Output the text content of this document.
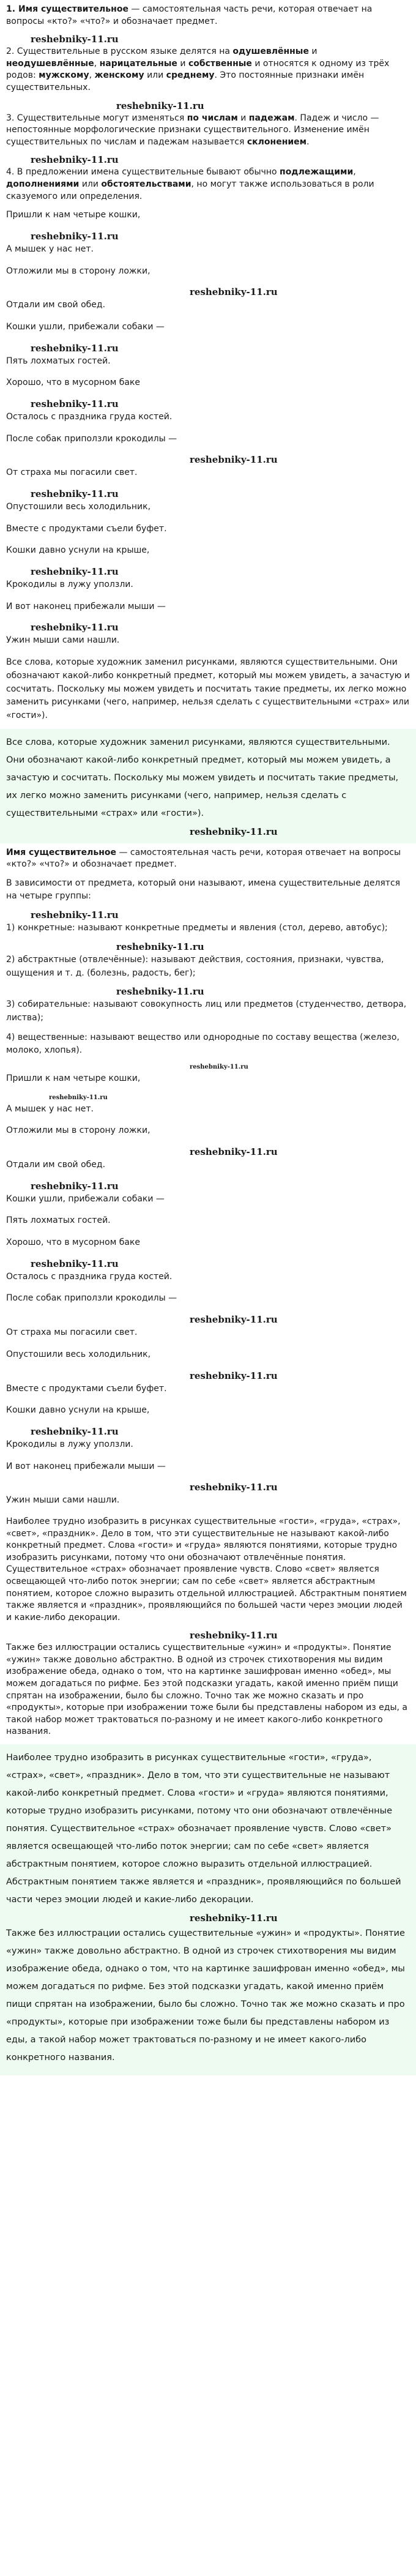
1. Имя существительное — самостоятельная часть речи, которая отвечает на вопросы «кто?» «что?» и обозначает предмет.

reshebniky-11.ru

2. Существительные в русском языке делятся на одушевлённые и неодушевлённые, нарицательные и собственные и относятся к одному из трёх родов: мужскому, женскому или среднему. Это постоянные признаки имён существительных.

reshebniky-11.ru

3. Существительные могут изменяться по числам и падежам. Падеж и число — непостоянные морфологические признаки существительного. Изменение имён существительных по числам и падежам называется склонением.

reshebniky-11.ru

4. В предложении имена существительные бывают обычно подлежащими, дополнениями или обстоятельствами, но могут также использоваться в роли сказуемого или определения.

Пришли к нам четыре кошки,

reshebniky-11.ru

А мышек у нас нет.

Отложили мы в сторону ложки,

reshebniky-11.ru

Отдали им свой обед.

Кошки ушли, прибежали собаки —

reshebniky-11.ru

Пять лохматых гостей.

Хорошо, что в мусорном баке

reshebniky-11.ru

Осталось с праздника груда костей.

После собак приползли крокодилы —

reshebniky-11.ru

От страха мы погасили свет.

reshebniky-11.ru

Опустошили весь холодильник,

Вместе с продуктами съели буфет.

Кошки давно уснули на крыше,

reshebniky-11.ru

Крокодилы в лужу уползли.

И вот наконец прибежали мыши —

reshebniky-11.ru

Ужин мыши сами нашли.

Все слова, которые художник заменил рисунками, являются существительными. Они обозначают какой-либо конкретный предмет, который мы можем увидеть, а зачастую и сосчитать. Поскольку мы можем увидеть и посчитать такие предметы, их легко можно заменить рисунками (чего, например, нельзя сделать с существительными «страх» или «гости»).

Все слова, которые художник заменил рисунками, являются существительными. Они обозначают какой-либо конкретный предмет, который мы можем увидеть, а зачастую и сосчитать. Поскольку мы можем увидеть и посчитать такие предметы, их легко можно заменить рисунками (чего, например, нельзя сделать с существительными «страх» или «гости»).

reshebniky-11.ru

Имя существительное — самостоятельная часть речи, которая отвечает на вопросы «кто?» «что?» и обозначает предмет.

В зависимости от предмета, который они называют, имена существительные делятся на четыре группы:

reshebniky-11.ru

1) конкретные: называют конкретные предметы и явления (стол, дерево, автобус);

reshebniky-11.ru

2) абстрактные (отвлечённые): называют действия, состояния, признаки, чувства, ощущения и т. д. (болезнь, радость, бег);

reshebniky-11.ru

3) собирательные: называют совокупность лиц или предметов (студенчество, детвора, листва);

4) вещественные: называют вещество или однородные по составу вещества (железо, молоко, хлопья).

reshebniky-11.ru

Пришли к нам четыре кошки,

reshebniky-11.ru

А мышек у нас нет.

Отложили мы в сторону ложки,

reshebniky-11.ru

Отдали им свой обед.

reshebniky-11.ru

Кошки ушли, прибежали собаки —

Пять лохматых гостей.

Хорошо, что в мусорном баке

reshebniky-11.ru

Осталось с праздника груда костей.

После собак приползли крокодилы —

reshebniky-11.ru

От страха мы погасили свет.

Опустошили весь холодильник,

reshebniky-11.ru

Вместе с продуктами съели буфет.

Кошки давно уснули на крыше,

reshebniky-11.ru

Крокодилы в лужу уползли.

И вот наконец прибежали мыши —

reshebniky-11.ru

Ужин мыши сами нашли.

Наиболее трудно изобразить в рисунках существительные «гости», «груда», «страх», «свет», «праздник». Дело в том, что эти существительные не называют какой-либо конкретный предмет. Слова «гости» и «груда» являются понятиями, которые трудно изобразить рисунками, потому что они обозначают отвлечённые понятия. Существительное «страх» обозначает проявление чувств. Слово «свет» является освещающей что-либо поток энергии; сам по себе «свет» является абстрактным понятием, которое сложно выразить отдельной иллюстрацией. Абстрактным понятием также является и «праздник», проявляющийся по большей части через эмоции людей и какие-либо декорации.

reshebniky-11.ru

Также без иллюстрации остались существительные «ужин» и «продукты». Понятие «ужин» также довольно абстрактно. В одной из строчек стихотворения мы видим изображение обеда, однако о том, что на картинке зашифрован именно «обед», мы можем догадаться по рифме. Без этой подсказки угадать, какой именно приём пищи спрятан на изображении, было бы сложно. Точно так же можно сказать и про «продукты», которые при изображении тоже были бы представлены набором из еды, а такой набор может трактоваться по-разному и не имеет какого-либо конкретного названия.

Наиболее трудно изобразить в рисунках существительные «гости», «груда», «страх», «свет», «праздник». Дело в том, что эти существительные не называют какой-либо конкретный предмет. Слова «гости» и «груда» являются понятиями, которые трудно изобразить рисунками, потому что они обозначают отвлечённые понятия. Существительное «страх» обозначает проявление чувств. Слово «свет» является освещающей что-либо поток энергии; сам по себе «свет» является абстрактным понятием, которое сложно выразить отдельной иллюстрацией. Абстрактным понятием также является и «праздник», проявляющийся по большей части через эмоции людей и какие-либо декорации.

reshebniky-11.ru

Также без иллюстрации остались существительные «ужин» и «продукты». Понятие «ужин» также довольно абстрактно. В одной из строчек стихотворения мы видим изображение обеда, однако о том, что на картинке зашифрован именно «обед», мы можем догадаться по рифме. Без этой подсказки угадать, какой именно приём пищи спрятан на изображении, было бы сложно. Точно так же можно сказать и про «продукты», которые при изображении тоже были бы представлены набором из еды, а такой набор может трактоваться по-разному и не имеет какого-либо конкретного названия.
